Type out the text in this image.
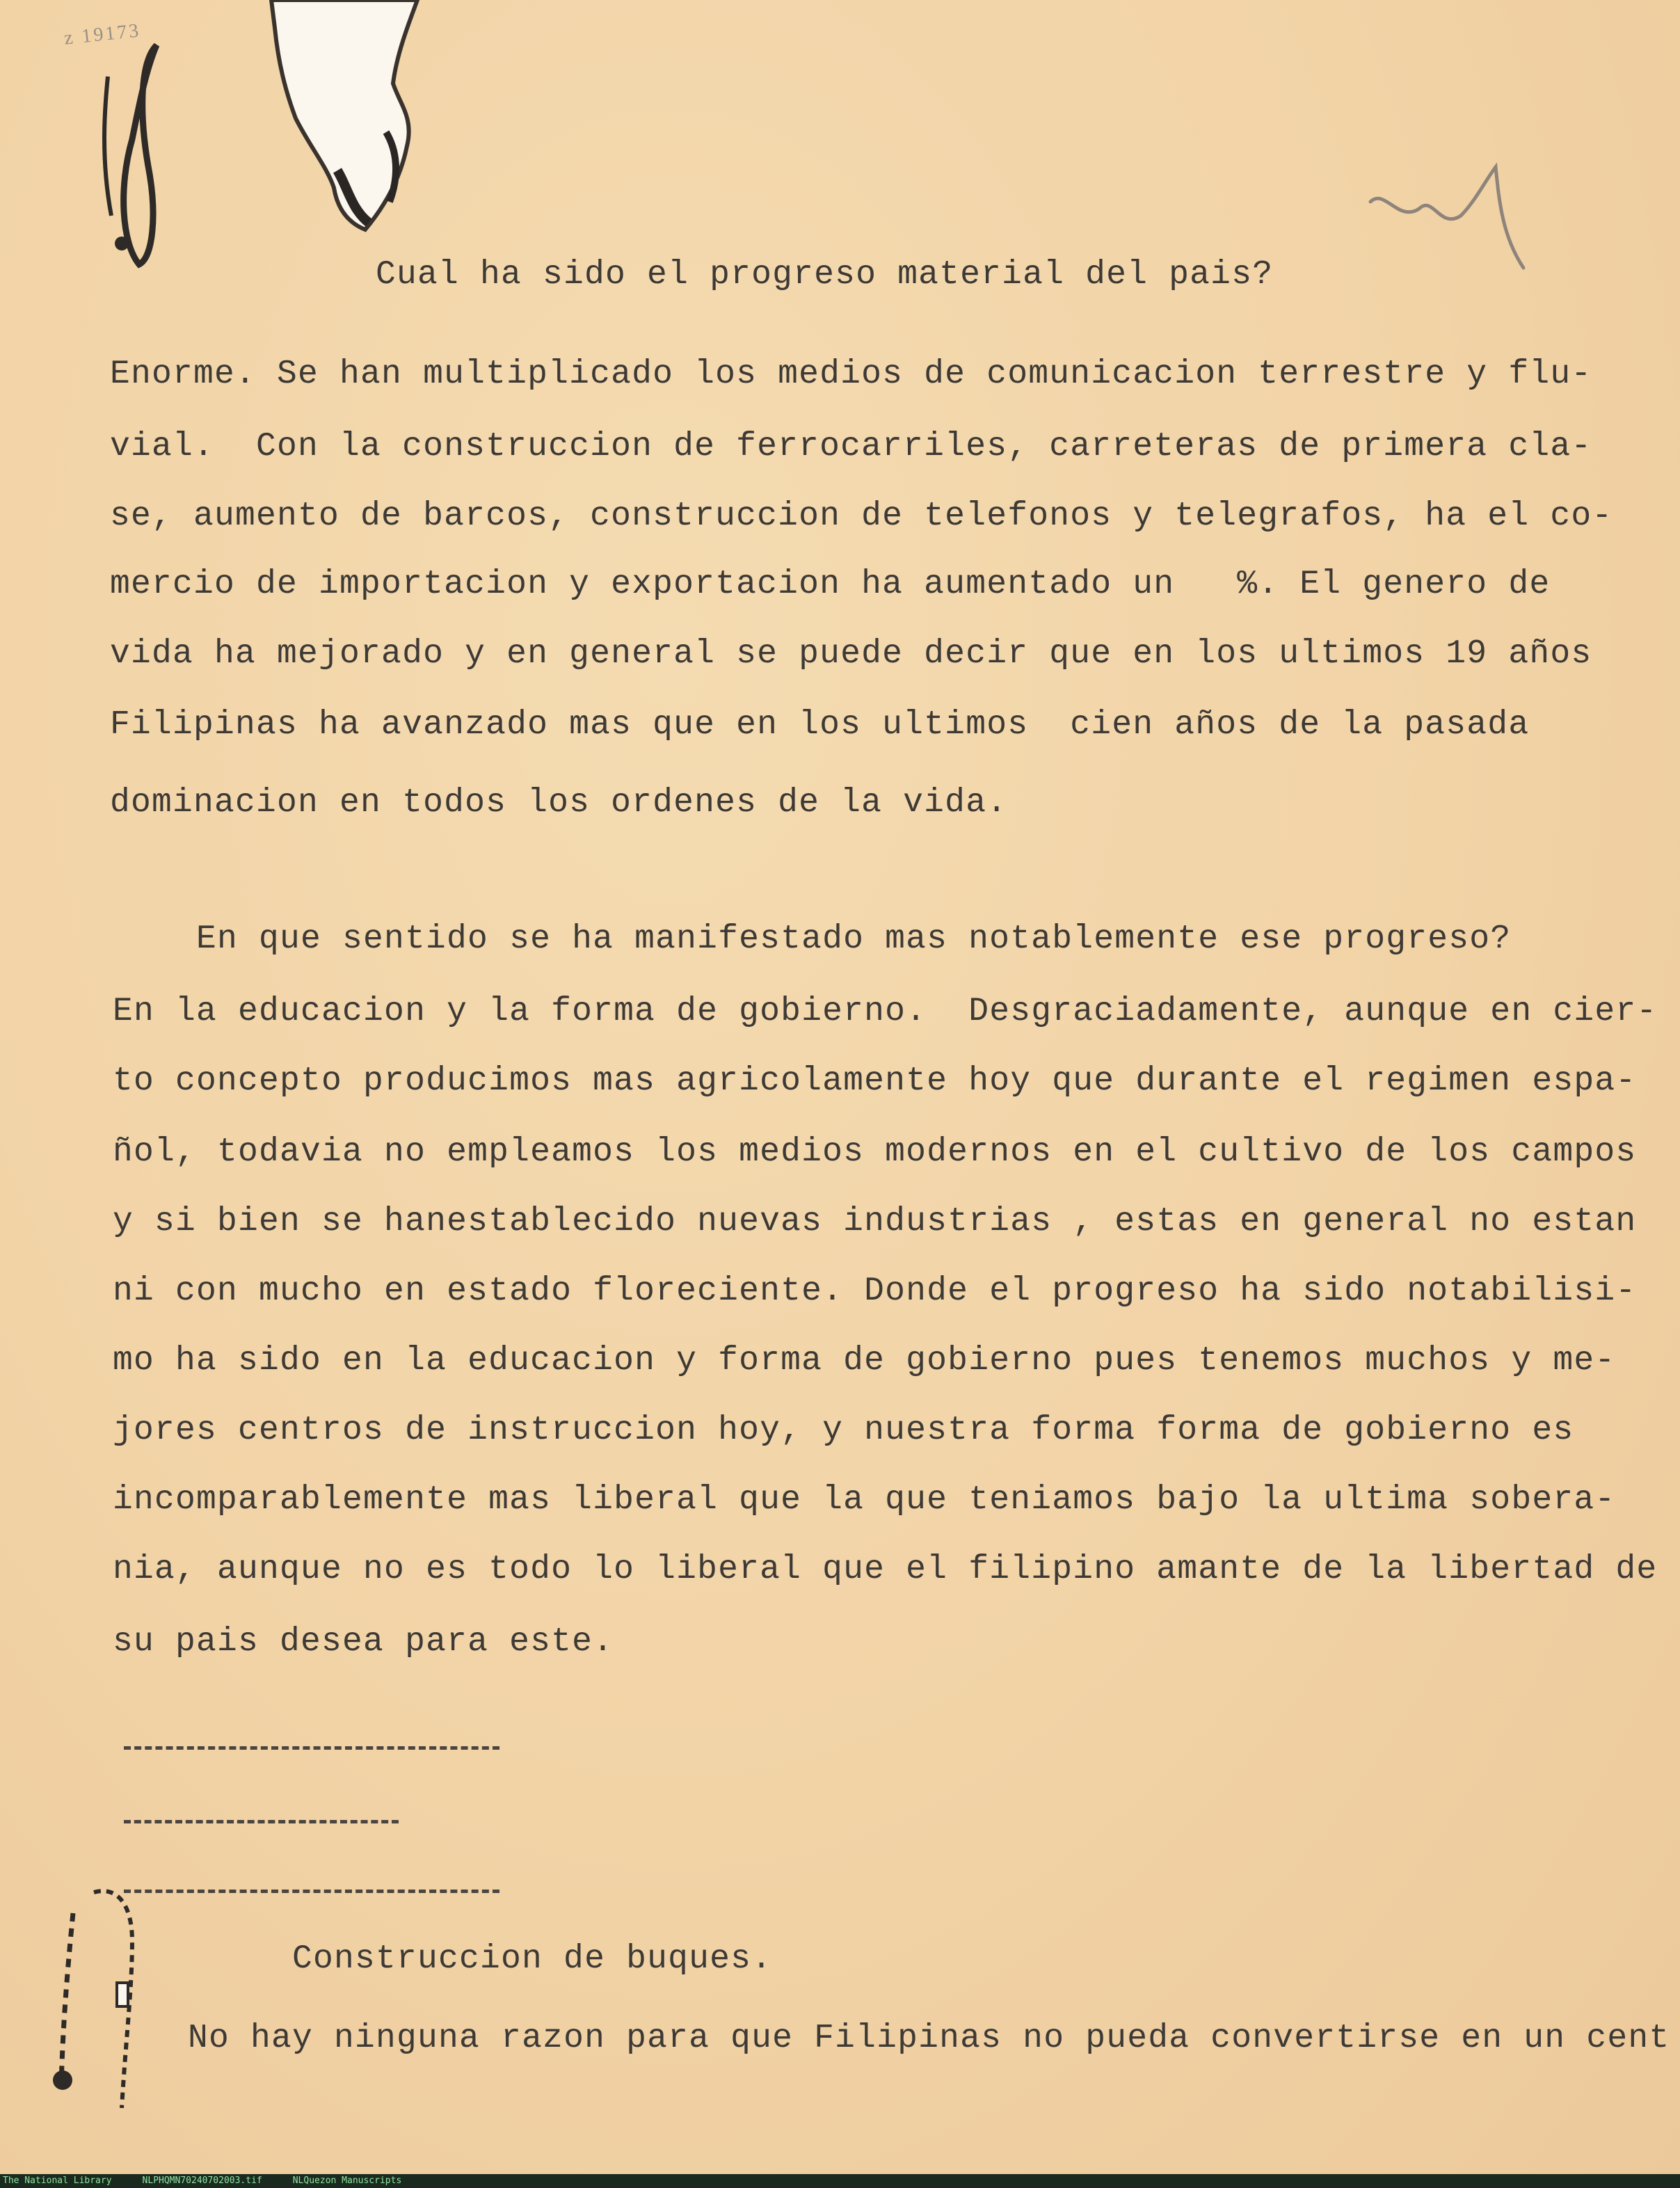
z 19173
Cual ha sido el progreso material del pais?
Enorme. Se han multiplicado los medios de comunicacion terrestre y flu-
vial.  Con la construccion de ferrocarriles, carreteras de primera cla-
se, aumento de barcos, construccion de telefonos y telegrafos, ha el co-
mercio de importacion y exportacion ha aumentado un   %. El genero de
vida ha mejorado y en general se puede decir que en los ultimos 19 años
Filipinas ha avanzado mas que en los ultimos  cien años de la pasada
dominacion en todos los ordenes de la vida.
En que sentido se ha manifestado mas notablemente ese progreso?
En la educacion y la forma de gobierno.  Desgraciadamente, aunque en cier-
to concepto producimos mas agricolamente hoy que durante el regimen espa-
ñol, todavia no empleamos los medios modernos en el cultivo de los campos
y si bien se hanestablecido nuevas industrias , estas en general no estan
ni con mucho en estado floreciente. Donde el progreso ha sido notabilisi-
mo ha sido en la educacion y forma de gobierno pues tenemos muchos y me-
jores centros de instruccion hoy, y nuestra forma forma de gobierno es
incomparablemente mas liberal que la que teniamos bajo la ultima sobera-
nia, aunque no es todo lo liberal que el filipino amante de la libertad de
su pais desea para este.
Construccion de buques.
No hay ninguna razon para que Filipinas no pueda convertirse en un cent
The National Library	NLPHQMN70240702003.tif	NLQuezon Manuscripts
